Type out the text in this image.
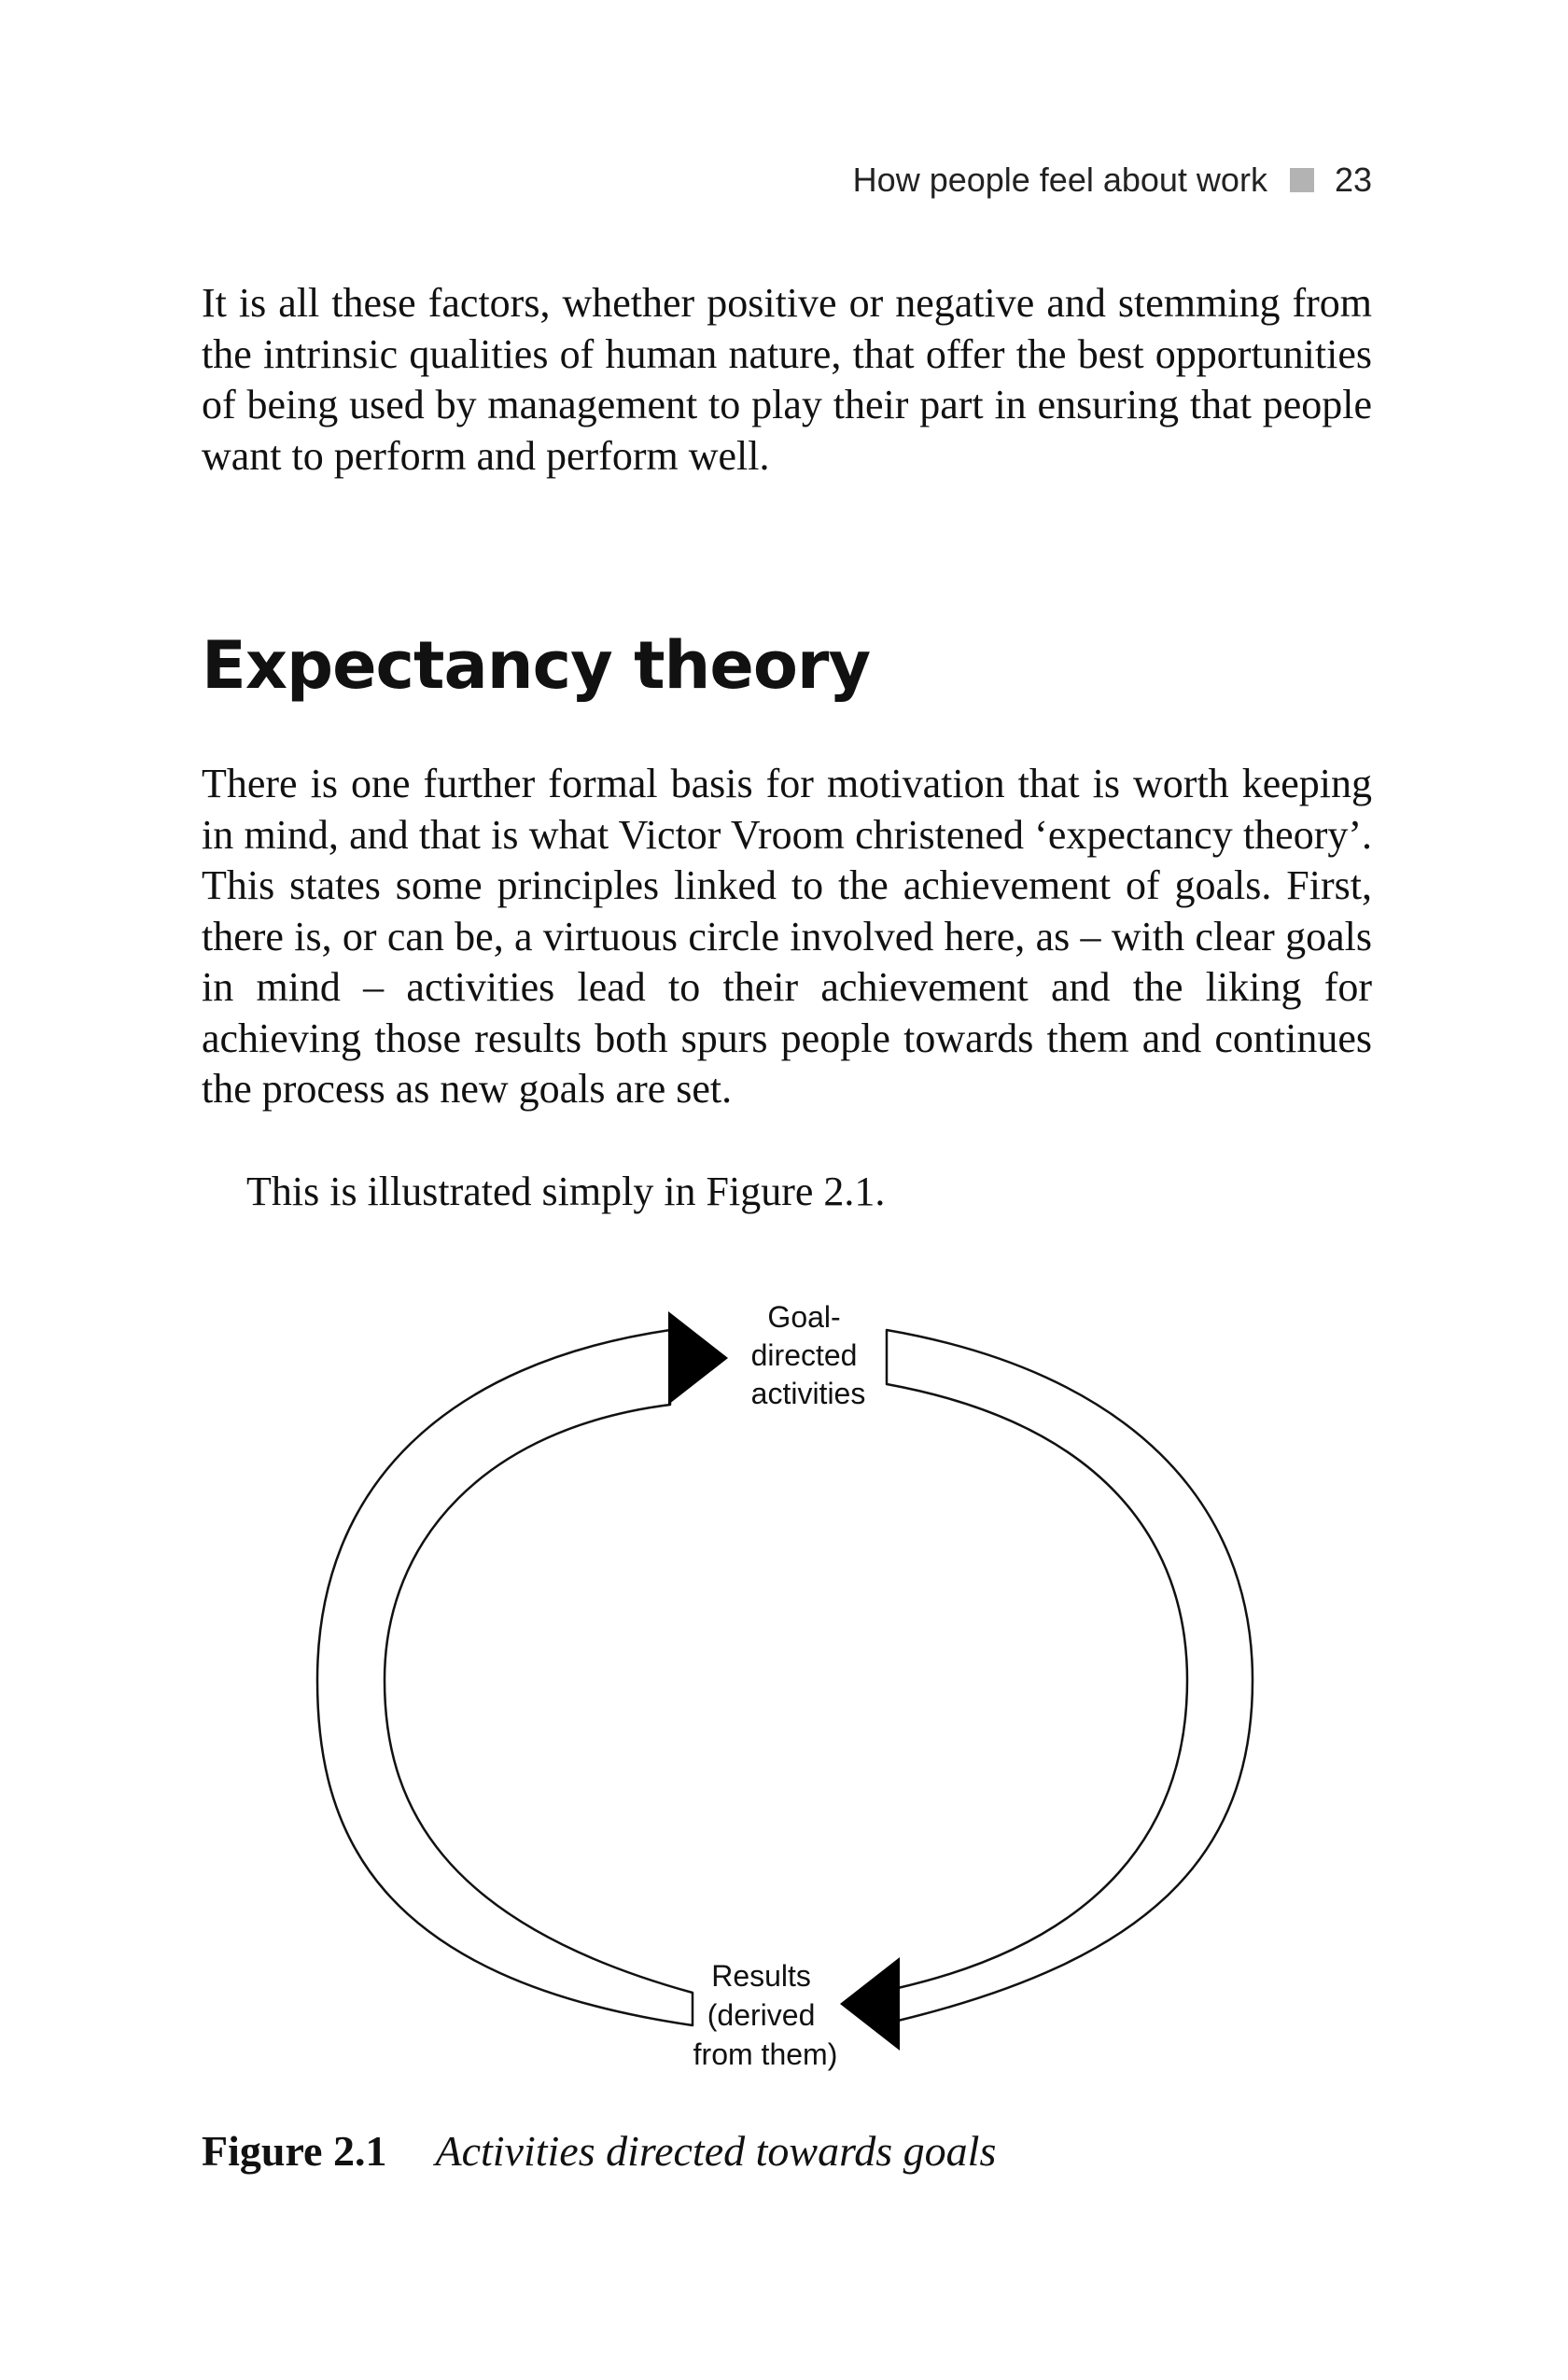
How people feel about work 23

It is all these factors, whether positive or negative and stemming from the intrinsic qualities of human nature, that offer the best opportunities of being used by management to play their part in ensuring that people want to perform and perform well.

Expectancy theory

There is one further formal basis for motivation that is worth keeping in mind, and that is what Victor Vroom christened ‘expectancy theory’. This states some principles linked to the achievement of goals. First, there is, or can be, a virtuous circle involved here, as – with clear goals in mind – activities lead to their achievement and the liking for achieving those results both spurs people towards them and continues the process as new goals are set.

This is illustrated simply in Figure 2.1.

Goal- directed activities
Results (derived from them)

Figure 2.1 Activities directed towards goals
